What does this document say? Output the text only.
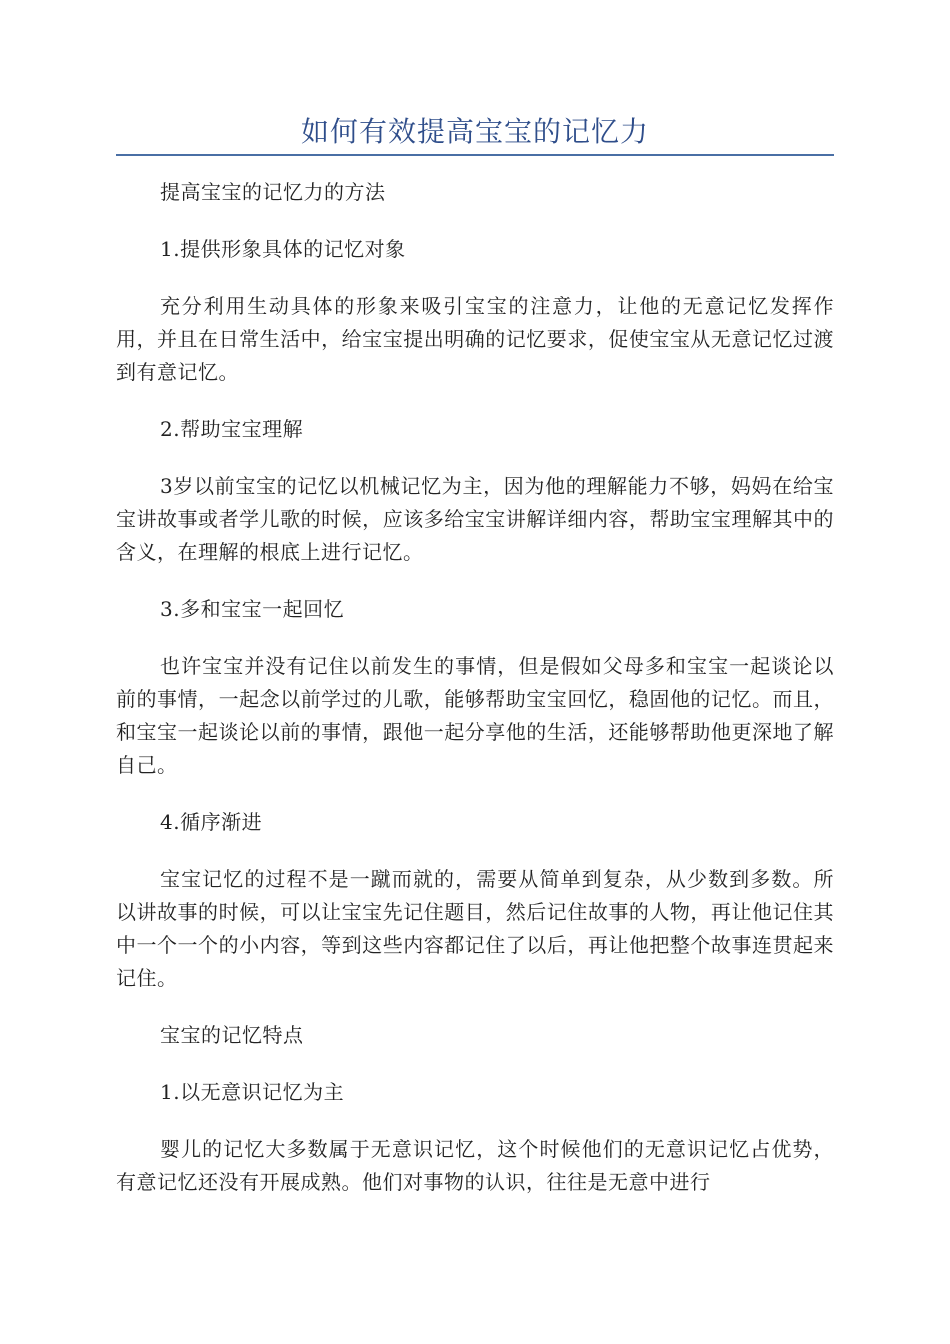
如何有效提高宝宝的记忆力

提高宝宝的记忆力的方法

1.提供形象具体的记忆对象

充分利用生动具体的形象来吸引宝宝的注意力，让他的无意记忆发挥作用，并且在日常生活中，给宝宝提出明确的记忆要求，促使宝宝从无意记忆过渡到有意记忆。

2.帮助宝宝理解

3岁以前宝宝的记忆以机械记忆为主，因为他的理解能力不够，妈妈在给宝宝讲故事或者学儿歌的时候，应该多给宝宝讲解详细内容，帮助宝宝理解其中的含义，在理解的根底上进行记忆。

3.多和宝宝一起回忆

也许宝宝并没有记住以前发生的事情，但是假如父母多和宝宝一起谈论以前的事情，一起念以前学过的儿歌，能够帮助宝宝回忆，稳固他的记忆。而且，和宝宝一起谈论以前的事情，跟他一起分享他的生活，还能够帮助他更深地了解自己。

4.循序渐进

宝宝记忆的过程不是一蹴而就的，需要从简单到复杂，从少数到多数。所以讲故事的时候，可以让宝宝先记住题目，然后记住故事的人物，再让他记住其中一个一个的小内容，等到这些内容都记住了以后，再让他把整个故事连贯起来记住。

宝宝的记忆特点

1.以无意识记忆为主

婴儿的记忆大多数属于无意识记忆，这个时候他们的无意识记忆占优势，有意记忆还没有开展成熟。他们对事物的认识，往往是无意中进行
